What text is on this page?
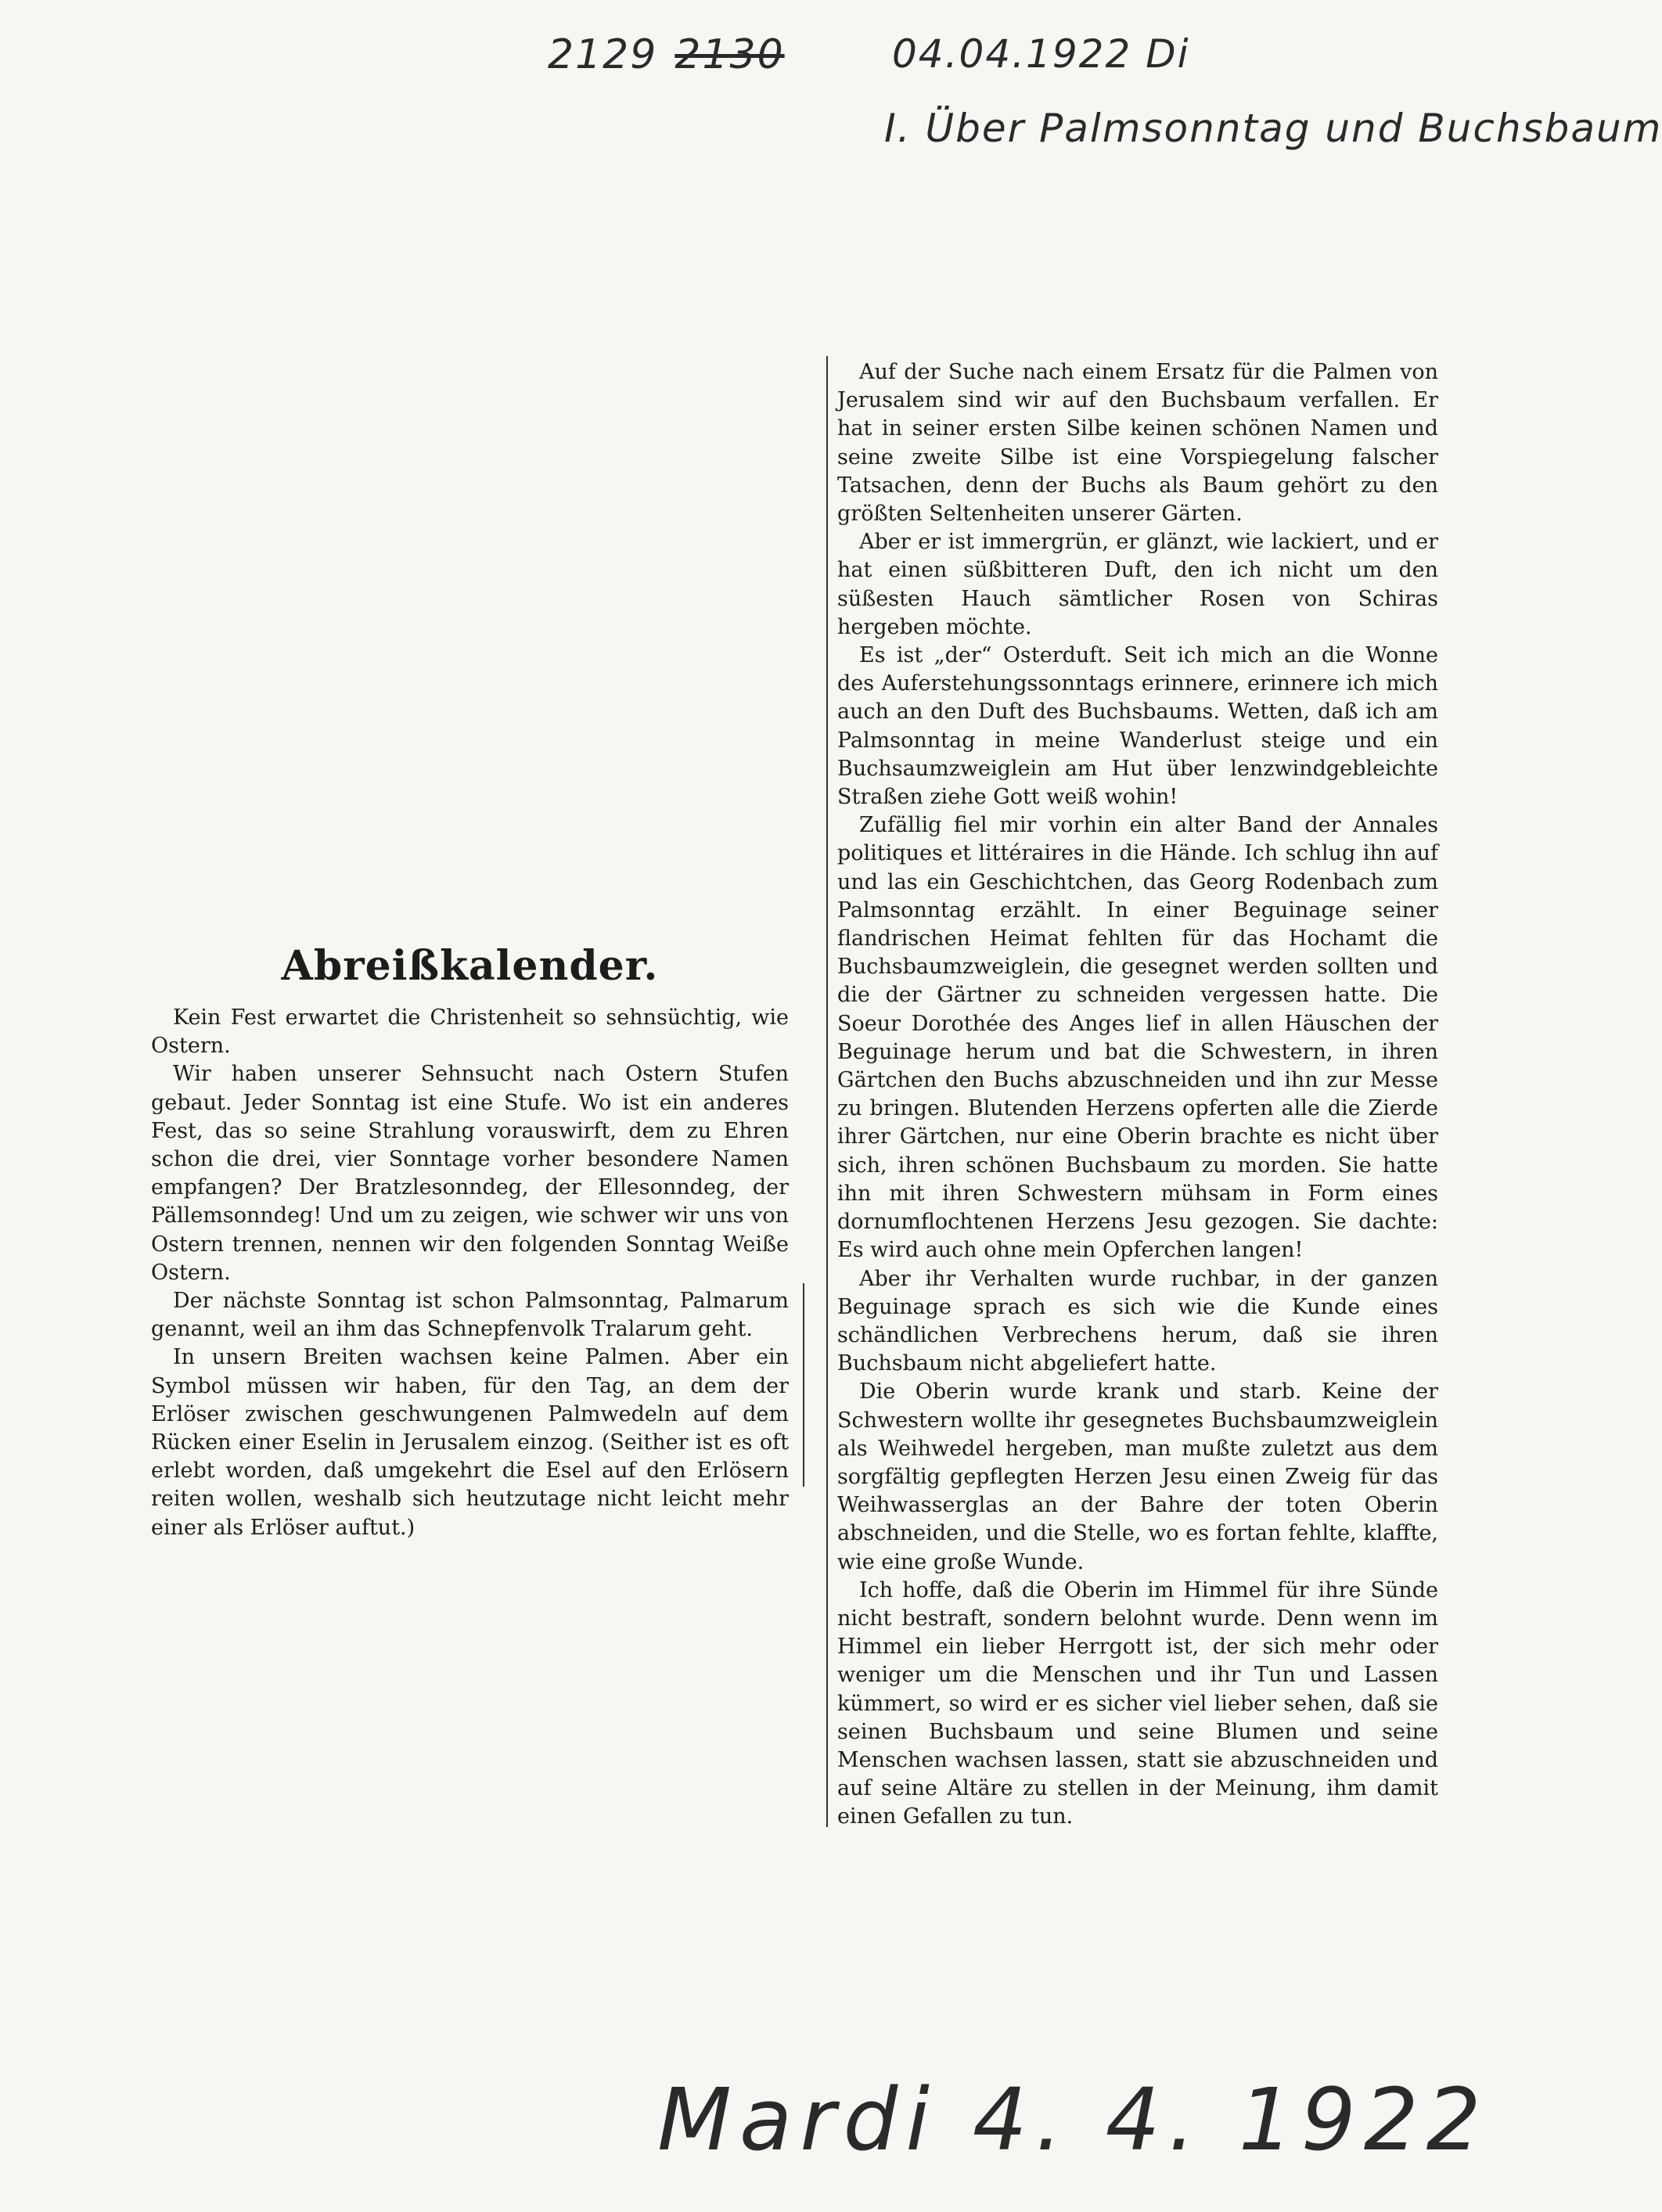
2129 2130	04.04.1922 Di
I. Über Palmsonntag und Buchsbaum
Abreißkalender.

Kein Fest erwartet die Christenheit so sehnsüchtig, wie Ostern.

Wir haben unserer Sehnsucht nach Ostern Stufen gebaut. Jeder Sonntag ist eine Stufe. Wo ist ein anderes Fest, das so seine Strahlung vorauswirft, dem zu Ehren schon die drei, vier Sonntage vorher besondere Namen empfangen? Der Bratzlesonndeg, der Ellesonndeg, der Pällemsonndeg! Und um zu zeigen, wie schwer wir uns von Ostern trennen, nennen wir den folgenden Sonntag Weiße Ostern.

Der nächste Sonntag ist schon Palmsonntag, Palmarum genannt, weil an ihm das Schnepfenvolk Tralarum geht.

In unsern Breiten wachsen keine Palmen. Aber ein Symbol müssen wir haben, für den Tag, an dem der Erlöser zwischen geschwungenen Palmwedeln auf dem Rücken einer Eselin in Jerusalem einzog. (Seither ist es oft erlebt worden, daß umgekehrt die Esel auf den Erlösern reiten wollen, weshalb sich heutzutage nicht leicht mehr einer als Erlöser auftut.)

Auf der Suche nach einem Ersatz für die Palmen von Jerusalem sind wir auf den Buchsbaum verfallen. Er hat in seiner ersten Silbe keinen schönen Namen und seine zweite Silbe ist eine Vorspiegelung falscher Tatsachen, denn der Buchs als Baum gehört zu den größten Seltenheiten unserer Gärten.

Aber er ist immergrün, er glänzt, wie lackiert, und er hat einen süßbitteren Duft, den ich nicht um den süßesten Hauch sämtlicher Rosen von Schiras hergeben möchte.

Es ist „der“ Osterduft. Seit ich mich an die Wonne des Auferstehungssonntags erinnere, erinnere ich mich auch an den Duft des Buchsbaums. Wetten, daß ich am Palmsonntag in meine Wanderlust steige und ein Buchsaumzweiglein am Hut über lenzwindgebleichte Straßen ziehe Gott weiß wohin!

Zufällig fiel mir vorhin ein alter Band der Annales politiques et littéraires in die Hände. Ich schlug ihn auf und las ein Geschichtchen, das Georg Rodenbach zum Palmsonntag erzählt. In einer Beguinage seiner flandrischen Heimat fehlten für das Hochamt die Buchsbaumzweiglein, die gesegnet werden sollten und die der Gärtner zu schneiden vergessen hatte. Die Soeur Dorothée des Anges lief in allen Häuschen der Beguinage herum und bat die Schwestern, in ihren Gärtchen den Buchs abzuschneiden und ihn zur Messe zu bringen. Blutenden Herzens opferten alle die Zierde ihrer Gärtchen, nur eine Oberin brachte es nicht über sich, ihren schönen Buchsbaum zu morden. Sie hatte ihn mit ihren Schwestern mühsam in Form eines dornumflochtenen Herzens Jesu gezogen. Sie dachte: Es wird auch ohne mein Opferchen langen!

Aber ihr Verhalten wurde ruchbar, in der ganzen Beguinage sprach es sich wie die Kunde eines schändlichen Verbrechens herum, daß sie ihren Buchsbaum nicht abgeliefert hatte.

Die Oberin wurde krank und starb. Keine der Schwestern wollte ihr gesegnetes Buchsbaumzweiglein als Weihwedel hergeben, man mußte zuletzt aus dem sorgfältig gepflegten Herzen Jesu einen Zweig für das Weihwasserglas an der Bahre der toten Oberin abschneiden, und die Stelle, wo es fortan fehlte, klaffte, wie eine große Wunde.

Ich hoffe, daß die Oberin im Himmel für ihre Sünde nicht bestraft, sondern belohnt wurde. Denn wenn im Himmel ein lieber Herrgott ist, der sich mehr oder weniger um die Menschen und ihr Tun und Lassen kümmert, so wird er es sicher viel lieber sehen, daß sie seinen Buchsbaum und seine Blumen und seine Menschen wachsen lassen, statt sie abzuschneiden und auf seine Altäre zu stellen in der Meinung, ihm damit einen Gefallen zu tun.

Mardi 4. 4. 1922
